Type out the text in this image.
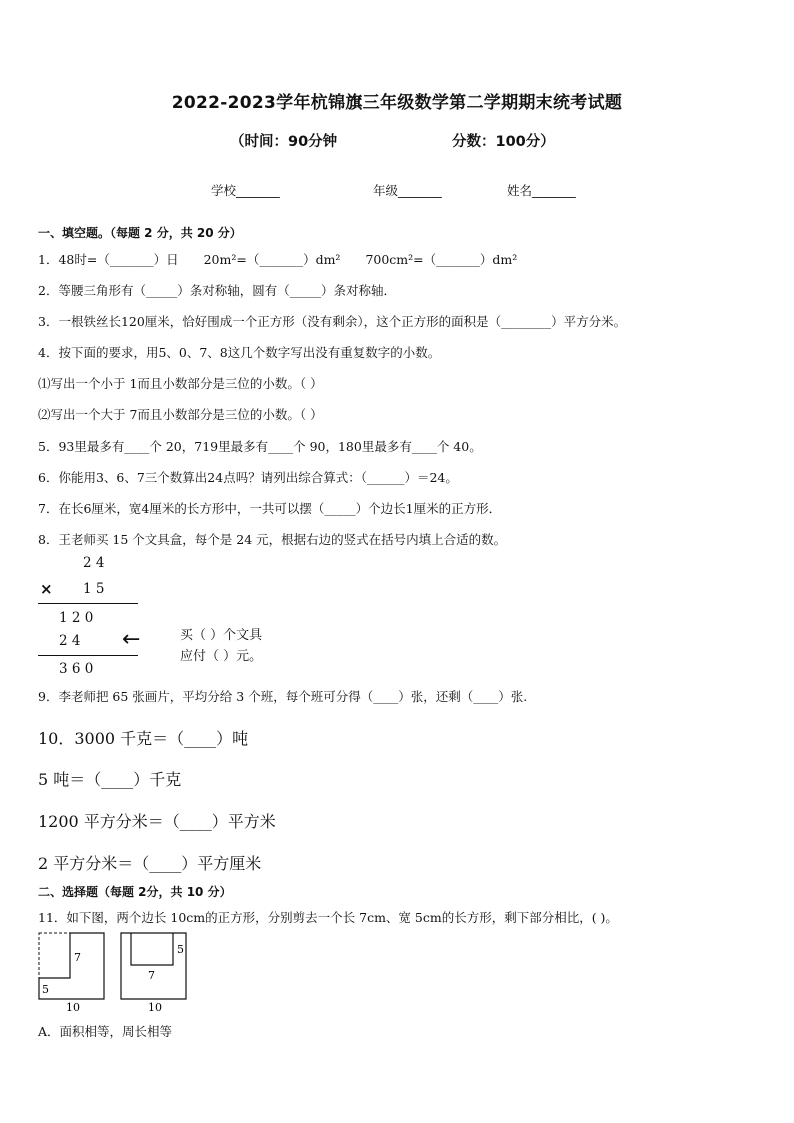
2022-2023学年杭锦旗三年级数学第二学期期末统考试题
（时间：90分钟	分数：100分）
学校_______	年级_______	姓名_______
一、填空题。（每题 2 分，共 20 分）
1．48时=（_______）日　　20m²=（_______）dm²　　700cm²=（_______）dm²
2．等腰三角形有（_____）条对称轴，圆有（_____）条对称轴．
3．一根铁丝长120厘米，恰好围成一个正方形（没有剩余），这个正方形的面积是（________）平方分米。
4．按下面的要求，用5、0、7、8这几个数字写出没有重复数字的小数。
⑴写出一个小于 1而且小数部分是三位的小数。（ ）
⑵写出一个大于 7而且小数部分是三位的小数。（ ）
5．93里最多有____个 20，719里最多有____个 90，180里最多有____个 40。
6．你能用3、6、7三个数算出24点吗？请列出综合算式：（______）＝24。
7．在长6厘米，宽4厘米的长方形中，一共可以摆（_____）个边长1厘米的正方形．
8．王老师买 15 个文具盒，每个是 24 元，根据右边的竖式在括号内填上合适的数。
2 4
× 1 5
1 2 0
2 4 ←	买（ ）个文具
应付（ ）元。
3 6 0
9．李老师把 65 张画片，平均分给 3 个班，每个班可分得（____）张，还剩（____）张.
10．3000 千克＝（____）吨
5 吨＝（____）千克
1200 平方分米＝（____）平方米
2 平方分米＝（____）平方厘米
二、选择题（每题 2分，共 10 分）
11．如下图，两个边长 10cm的正方形，分别剪去一个长 7cm、宽 5cm的长方形，剩下部分相比，( )。
7
5
10
7
5
10
A．面积相等，周长相等
